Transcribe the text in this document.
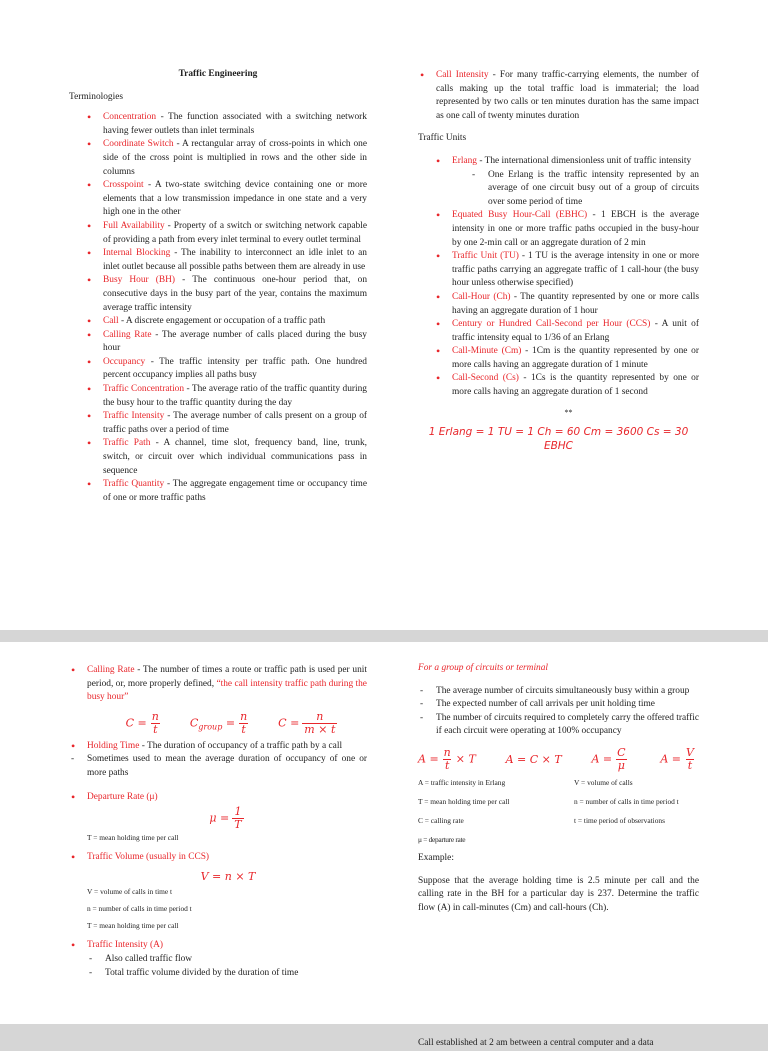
Traffic Engineering

Terminologies

• Concentration - The function associated with a switching network having fewer outlets than inlet terminals
• Coordinate Switch - A rectangular array of cross-points in which one side of the cross point is multiplied in rows and the other side in columns
• Crosspoint - A two-state switching device containing one or more elements that a low transmission impedance in one state and a very high one in the other
• Full Availability - Property of a switch or switching network capable of providing a path from every inlet terminal to every outlet terminal
• Internal Blocking - The inability to interconnect an idle inlet to an inlet outlet because all possible paths between them are already in use
• Busy Hour (BH) - The continuous one-hour period that, on consecutive days in the busy part of the year, contains the maximum average traffic intensity
• Call - A discrete engagement or occupation of a traffic path
• Calling Rate - The average number of calls placed during the busy hour
• Occupancy - The traffic intensity per traffic path. One hundred percent occupancy implies all paths busy
• Traffic Concentration - The average ratio of the traffic quantity during the busy hour to the traffic quantity during the day
• Traffic Intensity - The average number of calls present on a group of traffic paths over a period of time
• Traffic Path - A channel, time slot, frequency band, line, trunk, switch, or circuit over which individual communications pass in sequence
• Traffic Quantity - The aggregate engagement time or occupancy time of one or more traffic paths
• Call Intensity - For many traffic-carrying elements, the number of calls making up the total traffic load is immaterial; the load represented by two calls or ten minutes duration has the same impact as one call of twenty minutes duration

Traffic Units

• Erlang - The international dimensionless unit of traffic intensity
- One Erlang is the traffic intensity represented by an average of one circuit busy out of a group of circuits over some period of time
• Equated Busy Hour-Call (EBHC) - 1 EBCH is the average intensity in one or more traffic paths occupied in the busy-hour by one 2-min call or an aggregate duration of 2 min
• Traffic Unit (TU) - 1 TU is the average intensity in one or more traffic paths carrying an aggregate traffic of 1 call-hour (the busy hour unless otherwise specified)
• Call-Hour (Ch) - The quantity represented by one or more calls having an aggregate duration of 1 hour
• Century or Hundred Call-Second per Hour (CCS) - A unit of traffic intensity equal to 1/36 of an Erlang
• Call-Minute (Cm) - 1Cm is the quantity represented by one or more calls having an aggregate duration of 1 minute
• Call-Second (Cs) - 1Cs is the quantity represented by one or more calls having an aggregate duration of 1 second

**

1 Erlang = 1 TU = 1 Ch = 60 Cm = 3600 Cs = 30 EBHC

• Calling Rate - The number of times a route or traffic path is used per unit period, or, more properly defined, “the call intensity traffic path during the busy hour”
$C = \frac{n}{t}$	$C_{group} = \frac{n}{t}$	$C = \frac{n}{m \times t}$
• Holding Time - The duration of occupancy of a traffic path by a call
- Sometimes used to mean the average duration of occupancy of one or more paths
• Departure Rate (μ)
$\mu = \frac{1}{T}$

T = mean holding time per call

• Traffic Volume (usually in CCS)

V = n × T

V = volume of calls in time t

n = number of calls in time period t

T = mean holding time per call

• Traffic Intensity (A)
- Also called traffic flow
- Total traffic volume divided by the duration of time

For a group of circuits or terminal

- The average number of circuits simultaneously busy within a group
- The expected number of call arrivals per unit holding time
- The number of circuits required to completely carry the offered traffic if each circuit were operating at 100% occupancy
$A = \frac{n}{t} \times T$	A = C × T	$A = \frac{C}{\mu}$	$A = \frac{V}{t}$
A = traffic intensity in Erlang	V = volume of calls
T = mean holding time per call	n = number of calls in time period t
C = calling rate	t = time period of observations

μ = departure rate

Example:

Suppose that the average holding time is 2.5 minute per call and the calling rate in the BH for a particular day is 237. Determine the traffic flow (A) in call-minutes (Cm) and call-hours (Ch).

Call established at 2 am between a central computer and a data
